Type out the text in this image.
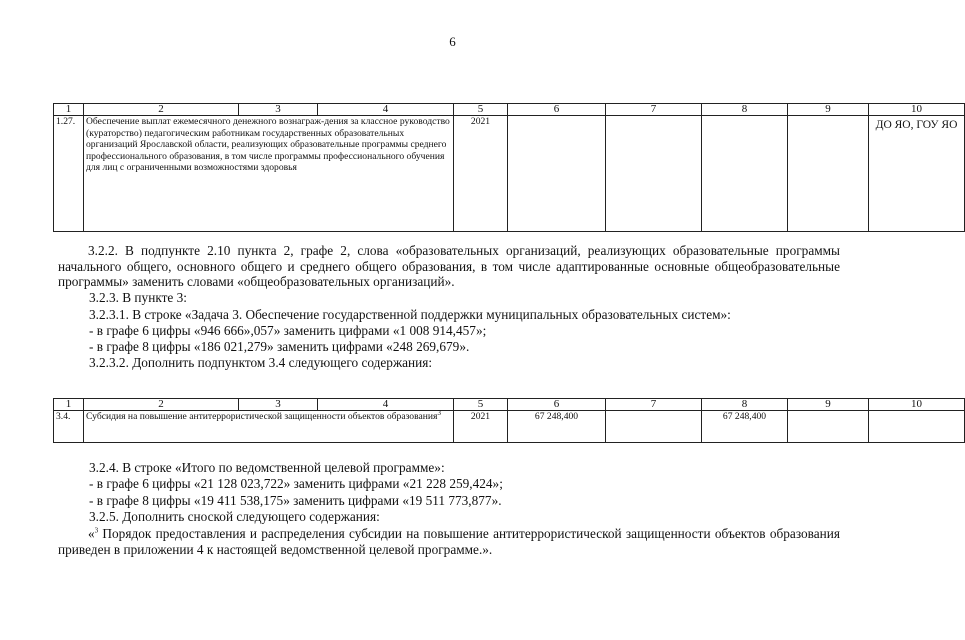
6
1	2	3	4	5	6	7	8	9	10
1.27.	Обеспечение выплат ежемесячного денежного вознаграж-дения за классное руководство (кураторство) педагогическим работникам государственных образовательных организаций Ярославской области, реализующих образовательные программы среднего профессионального образования, в том числе программы профессионального обучения для лиц с ограниченными возможностями здоровья			2021					ДО ЯО, ГОУ ЯО
3.2.2. В подпункте 2.10 пункта 2, графе 2, слова «образовательных организаций, реализующих образовательные программы начального общего, основного общего и среднего общего образования, в том числе адаптированные основные общеобразовательные программы» заменить словами «общеобразовательных организаций».
3.2.3. В пункте 3:
3.2.3.1. В строке «Задача 3. Обеспечение государственной поддержки муниципальных образовательных систем»:
- в графе 6 цифры «946 666»,057» заменить цифрами «1 008 914,457»;
- в графе 8 цифры «186 021,279» заменить цифрами «248 269,679».
3.2.3.2. Дополнить подпунктом 3.4 следующего содержания:
1	2	3	4	5	6	7	8	9	10
3.4.	Субсидия на повышение антитеррористической защищенности объектов образования$^3$			2021	67 248,400		67 248,400		
3.2.4. В строке «Итого по ведомственной целевой программе»:
- в графе 6 цифры «21 128 023,722» заменить цифрами «21 228 259,424»;
- в графе 8 цифры «19 411 538,175» заменить цифрами «19 511 773,877».
3.2.5. Дополнить сноской следующего содержания:
«$^3$ Порядок предоставления и распределения субсидии на повышение антитеррористической защищенности объектов образования приведен в приложении 4 к настоящей ведомственной целевой программе.».
